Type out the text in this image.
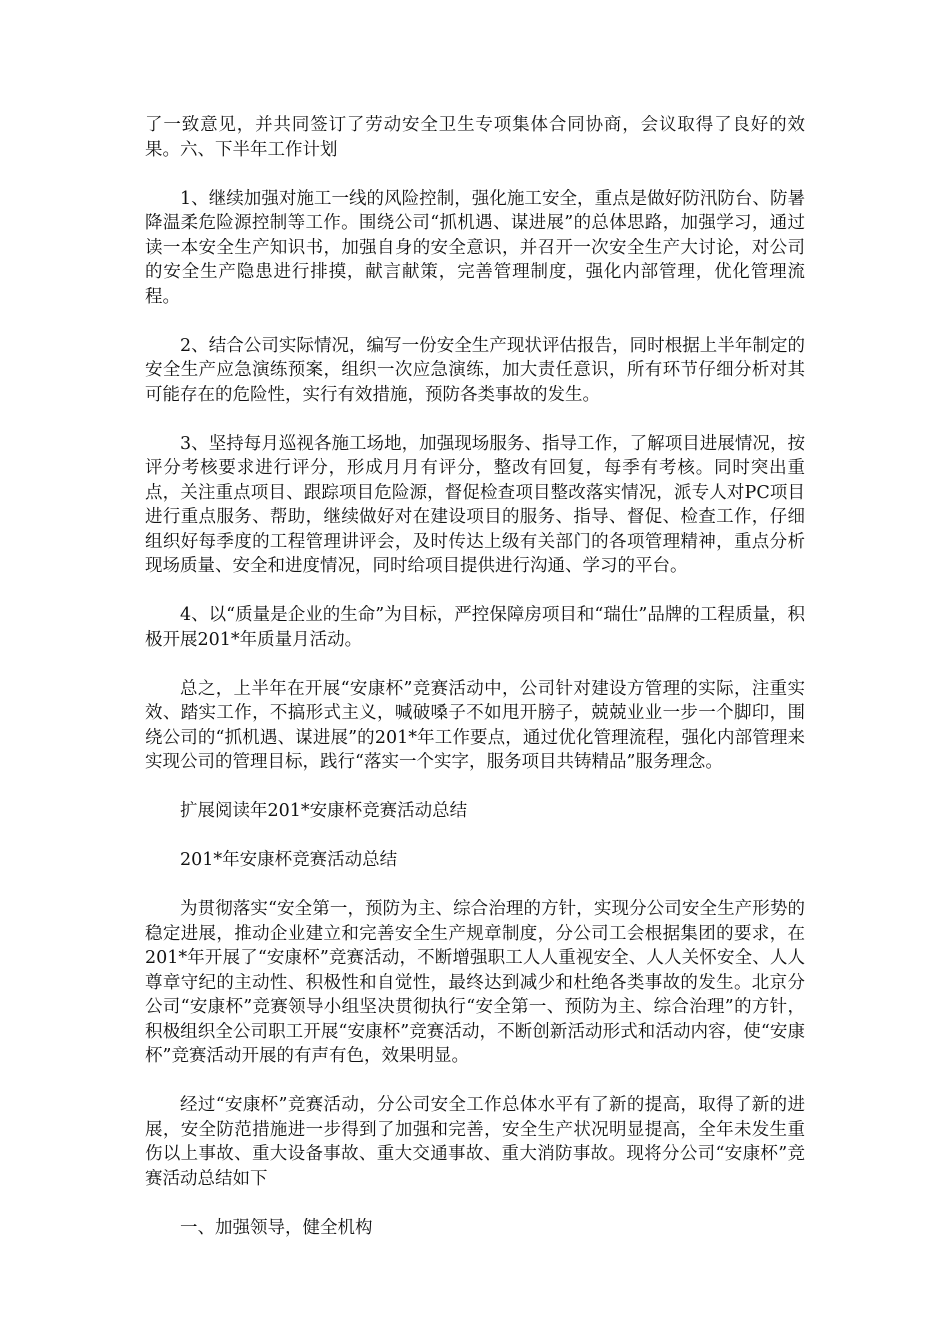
了一致意见，并共同签订了劳动安全卫生专项集体合同协商，会议取得了良好的效果。六、下半年工作计划

1、继续加强对施工一线的风险控制，强化施工安全，重点是做好防汛防台、防暑降温柔危险源控制等工作。围绕公司“抓机遇、谋进展”的总体思路，加强学习，通过读一本安全生产知识书，加强自身的安全意识，并召开一次安全生产大讨论，对公司的安全生产隐患进行排摸，献言献策，完善管理制度，强化内部管理，优化管理流程。

2、结合公司实际情况，编写一份安全生产现状评估报告，同时根据上半年制定的安全生产应急演练预案，组织一次应急演练，加大责任意识，所有环节仔细分析对其可能存在的危险性，实行有效措施，预防各类事故的发生。

3、坚持每月巡视各施工场地，加强现场服务、指导工作，了解项目进展情况，按评分考核要求进行评分，形成月月有评分，整改有回复，每季有考核。同时突出重点，关注重点项目、跟踪项目危险源，督促检查项目整改落实情况，派专人对PC项目进行重点服务、帮助，继续做好对在建设项目的服务、指导、督促、检查工作，仔细组织好每季度的工程管理讲评会，及时传达上级有关部门的各项管理精神，重点分析现场质量、安全和进度情况，同时给项目提供进行沟通、学习的平台。

4、以“质量是企业的生命”为目标，严控保障房项目和“瑞仕”品牌的工程质量，积极开展201*年质量月活动。

总之，上半年在开展“安康杯”竞赛活动中，公司针对建设方管理的实际，注重实效、踏实工作，不搞形式主义，喊破嗓子不如甩开膀子，兢兢业业一步一个脚印，围绕公司的“抓机遇、谋进展”的201*年工作要点，通过优化管理流程，强化内部管理来实现公司的管理目标，践行“落实一个实字，服务项目共铸精品”服务理念。

扩展阅读年201*安康杯竞赛活动总结

201*年安康杯竞赛活动总结

为贯彻落实“安全第一，预防为主、综合治理的方针，实现分公司安全生产形势的稳定进展，推动企业建立和完善安全生产规章制度，分公司工会根据集团的要求，在201*年开展了“安康杯”竞赛活动，不断增强职工人人重视安全、人人关怀安全、人人尊章守纪的主动性、积极性和自觉性，最终达到减少和杜绝各类事故的发生。北京分公司“安康杯”竞赛领导小组坚决贯彻执行“安全第一、预防为主、综合治理”的方针，积极组织全公司职工开展“安康杯”竞赛活动，不断创新活动形式和活动内容，使“安康杯”竞赛活动开展的有声有色，效果明显。

经过“安康杯”竞赛活动，分公司安全工作总体水平有了新的提高，取得了新的进展，安全防范措施进一步得到了加强和完善，安全生产状况明显提高，全年未发生重伤以上事故、重大设备事故、重大交通事故、重大消防事故。现将分公司“安康杯”竞赛活动总结如下

一、加强领导，健全机构
